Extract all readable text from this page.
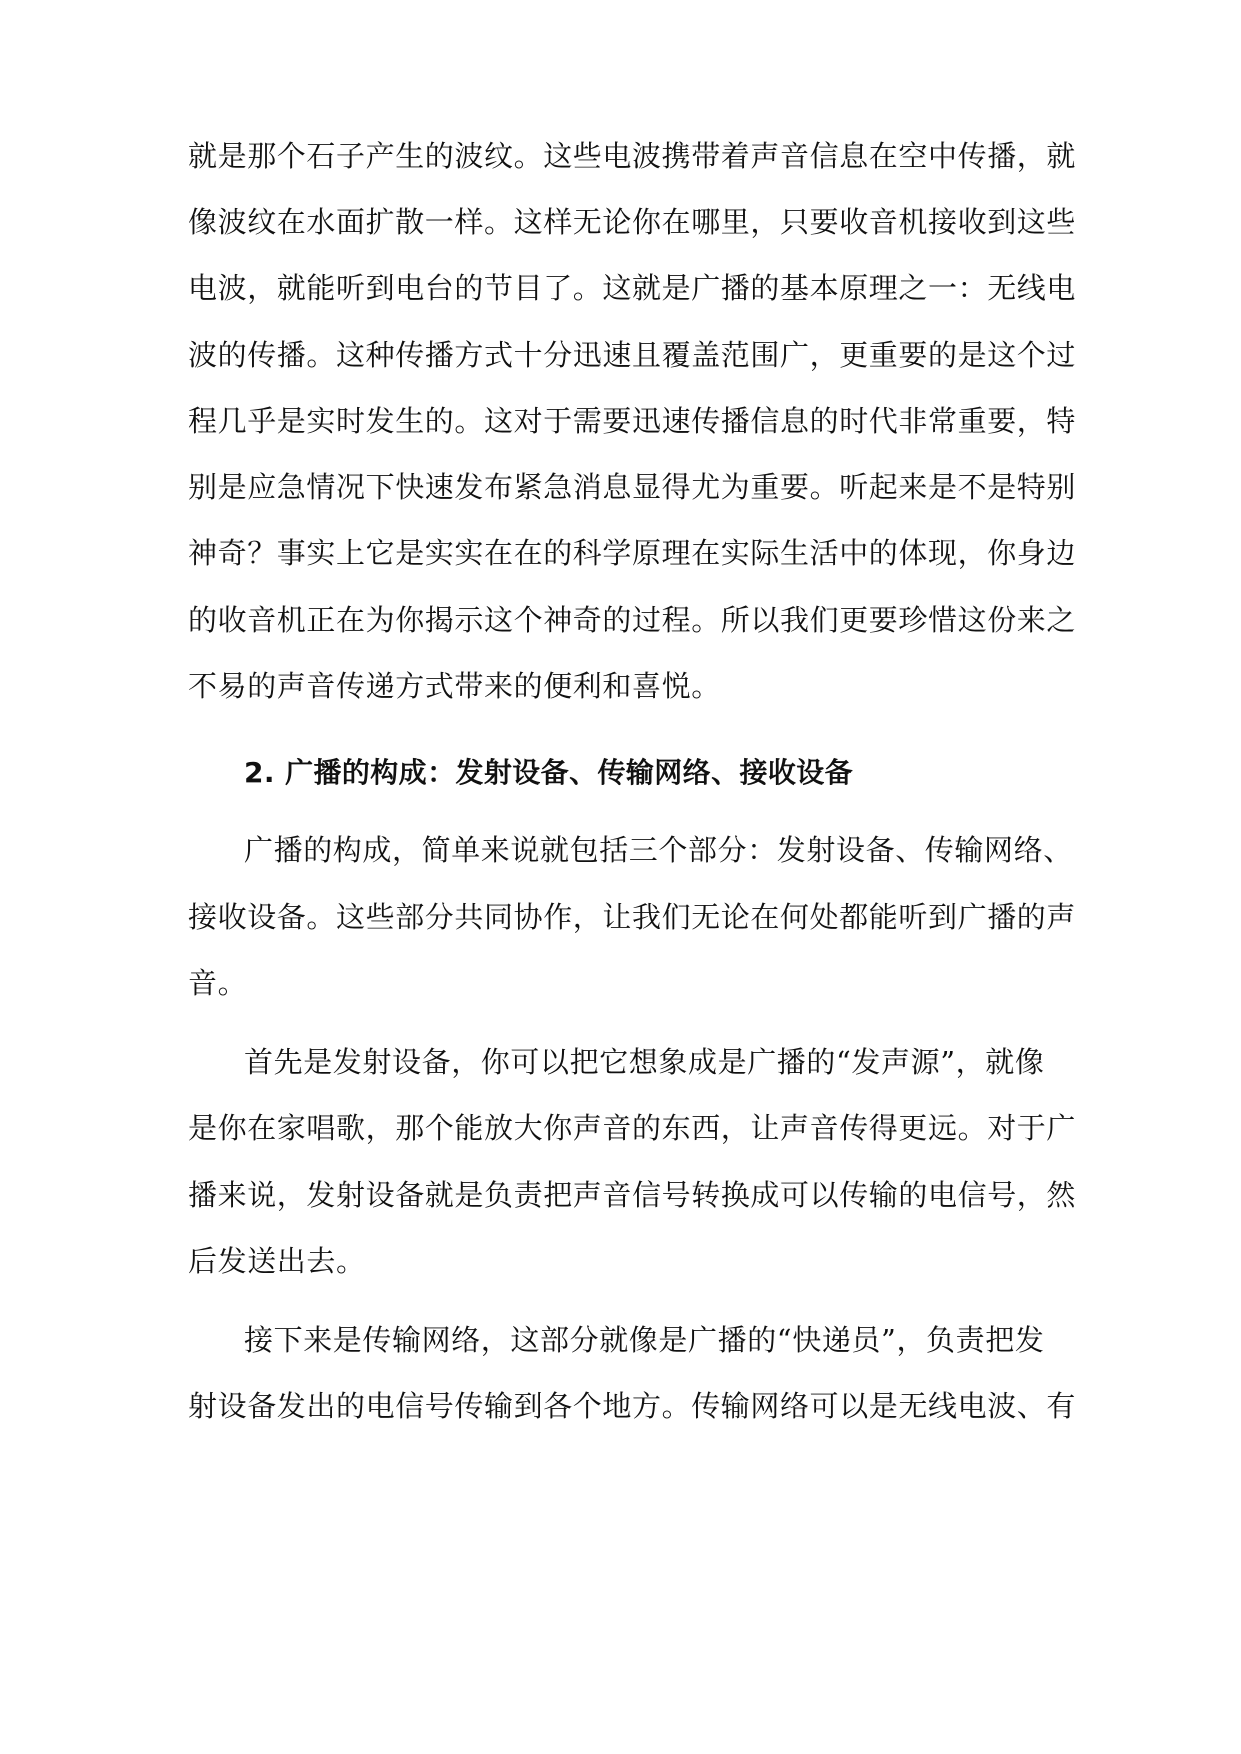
就是那个石子产生的波纹。这些电波携带着声音信息在空中传播，就
像波纹在水面扩散一样。这样无论你在哪里，只要收音机接收到这些
电波，就能听到电台的节目了。这就是广播的基本原理之一：无线电
波的传播。这种传播方式十分迅速且覆盖范围广，更重要的是这个过
程几乎是实时发生的。这对于需要迅速传播信息的时代非常重要，特
别是应急情况下快速发布紧急消息显得尤为重要。听起来是不是特别
神奇？事实上它是实实在在的科学原理在实际生活中的体现，你身边
的收音机正在为你揭示这个神奇的过程。所以我们更要珍惜这份来之
不易的声音传递方式带来的便利和喜悦。
2. 广播的构成：发射设备、传输网络、接收设备
广播的构成，简单来说就包括三个部分：发射设备、传输网络、
接收设备。这些部分共同协作，让我们无论在何处都能听到广播的声
音。
首先是发射设备，你可以把它想象成是广播的“发声源”，就像
是你在家唱歌，那个能放大你声音的东西，让声音传得更远。对于广
播来说，发射设备就是负责把声音信号转换成可以传输的电信号，然
后发送出去。
接下来是传输网络，这部分就像是广播的“快递员”，负责把发
射设备发出的电信号传输到各个地方。传输网络可以是无线电波、有
